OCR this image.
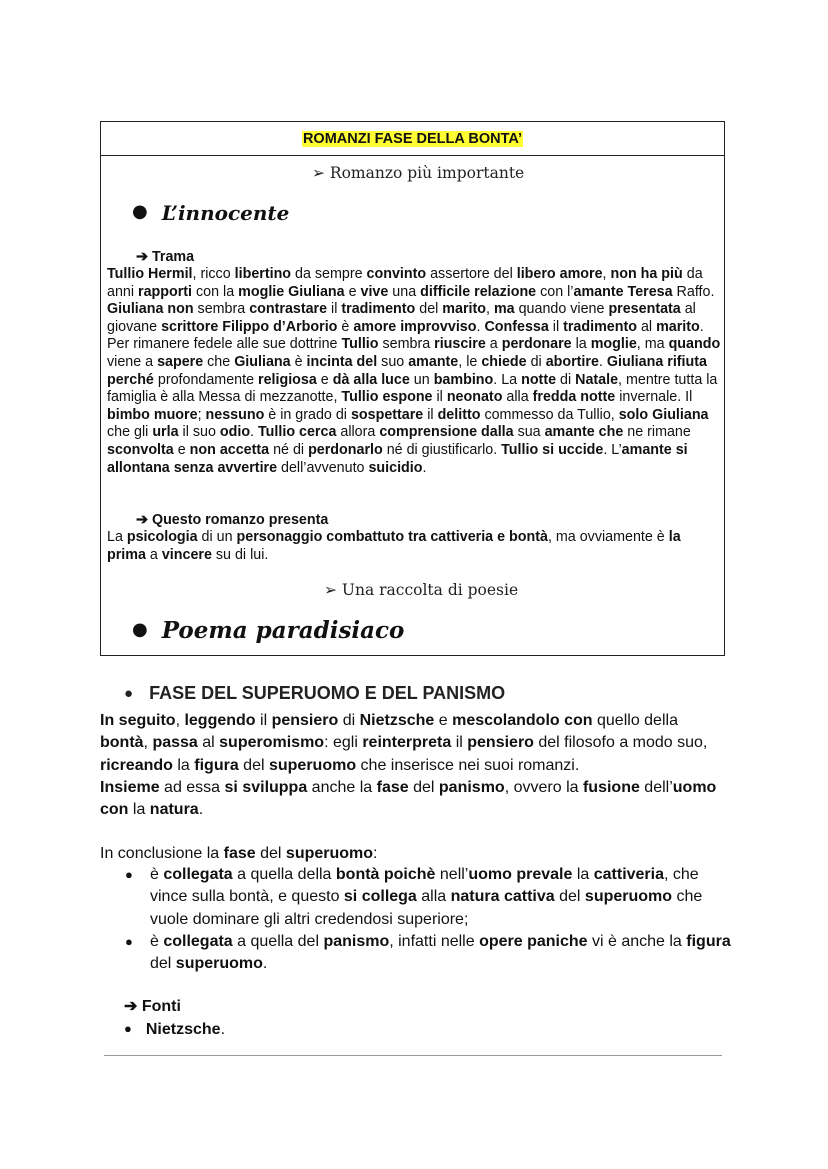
ROMANZI FASE DELLA BONTA’
➢ Romanzo più importante
● L’innocente
➔ Trama
Tullio Hermil, ricco libertino da sempre convinto assertore del libero amore, non ha più da anni rapporti con la moglie Giuliana e vive una difficile relazione con l’amante Teresa Raffo. Giuliana non sembra contrastare il tradimento del marito, ma quando viene presentata al giovane scrittore Filippo d’Arborio è amore improvviso. Confessa il tradimento al marito. Per rimanere fedele alle sue dottrine Tullio sembra riuscire a perdonare la moglie, ma quando viene a sapere che Giuliana è incinta del suo amante, le chiede di abortire. Giuliana rifiuta perché profondamente religiosa e dà alla luce un bambino. La notte di Natale, mentre tutta la famiglia è alla Messa di mezzanotte, Tullio espone il neonato alla fredda notte invernale. Il bimbo muore; nessuno è in grado di sospettare il delitto commesso da Tullio, solo Giuliana che gli urla il suo odio. Tullio cerca allora comprensione dalla sua amante che ne rimane sconvolta e non accetta né di perdonarlo né di giustificarlo. Tullio si uccide. L’amante si allontana senza avvertire dell’avvenuto suicidio.
➔ Questo romanzo presenta
La psicologia di un personaggio combattuto tra cattiveria e bontà, ma ovviamente è la prima a vincere su di lui.
➢ Una raccolta di poesie
● Poema paradisiaco
● FASE DEL SUPERUOMO E DEL PANISMO
In seguito, leggendo il pensiero di Nietzsche e mescolandolo con quello della bontà, passa al superomismo: egli reinterpreta il pensiero del filosofo a modo suo, ricreando la figura del superuomo che inserisce nei suoi romanzi.
Insieme ad essa si sviluppa anche la fase del panismo, ovvero la fusione dell’uomo con la natura.
In conclusione la fase del superuomo:
● è collegata a quella della bontà poichè nell’uomo prevale la cattiveria, che vince sulla bontà, e questo si collega alla natura cattiva del superuomo che vuole dominare gli altri credendosi superiore;
● è collegata a quella del panismo, infatti nelle opere paniche vi è anche la figura del superuomo.
➔ Fonti
● Nietzsche.
